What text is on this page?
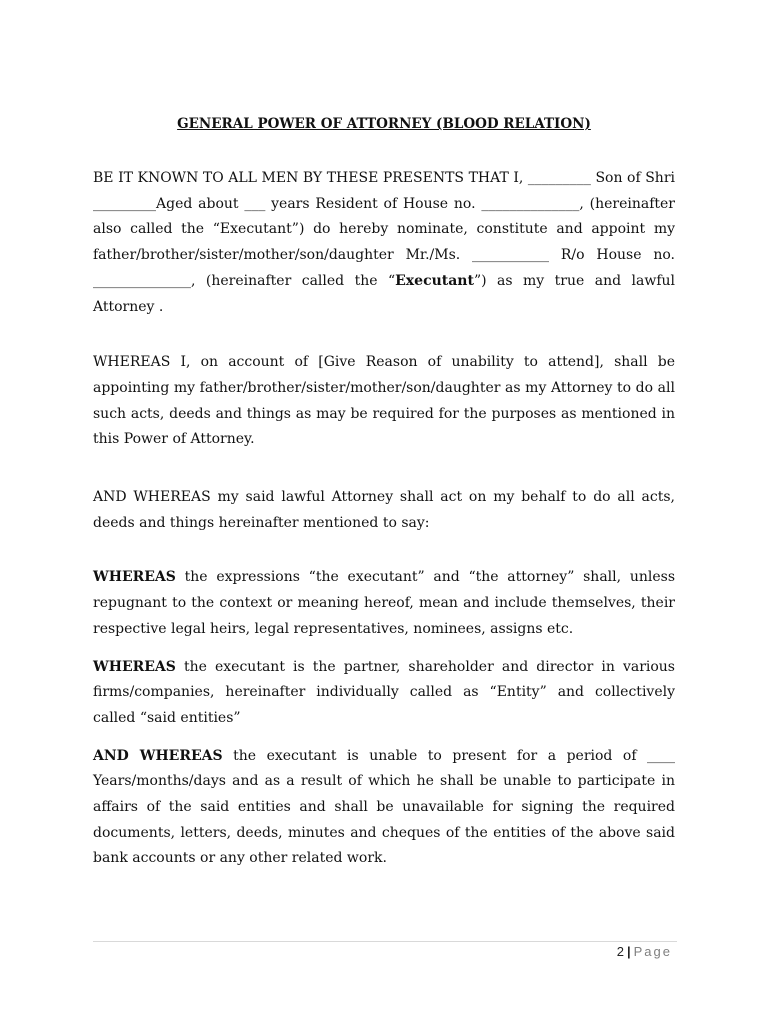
GENERAL POWER OF ATTORNEY (BLOOD RELATION)

BE IT KNOWN TO ALL MEN BY THESE PRESENTS THAT I, _________ Son of Shri _________Aged about ___ years Resident of House no. ______________, (hereinafter also called the “Executant”) do hereby nominate, constitute and appoint my father/brother/sister/mother/son/daughter Mr./Ms. ___________ R/o House no. ______________, (hereinafter called the “Executant”) as my true and lawful Attorney .

WHEREAS I, on account of [Give Reason of unability to attend], shall be appointing my father/brother/sister/mother/son/daughter as my Attorney to do all such acts, deeds and things as may be required for the purposes as mentioned in this Power of Attorney.

AND WHEREAS my said lawful Attorney shall act on my behalf to do all acts, deeds and things hereinafter mentioned to say:

WHEREAS the expressions “the executant” and “the attorney” shall, unless repugnant to the context or meaning hereof, mean and include themselves, their respective legal heirs, legal representatives, nominees, assigns etc.

WHEREAS the executant is the partner, shareholder and director in various firms/companies, hereinafter individually called as “Entity” and collectively called “said entities”

AND WHEREAS the executant is unable to present for a period of ____ Years/months/days and as a result of which he shall be unable to participate in affairs of the said entities and shall be unavailable for signing the required documents, letters, deeds, minutes and cheques of the entities of the above said bank accounts or any other related work.

2 | Page
